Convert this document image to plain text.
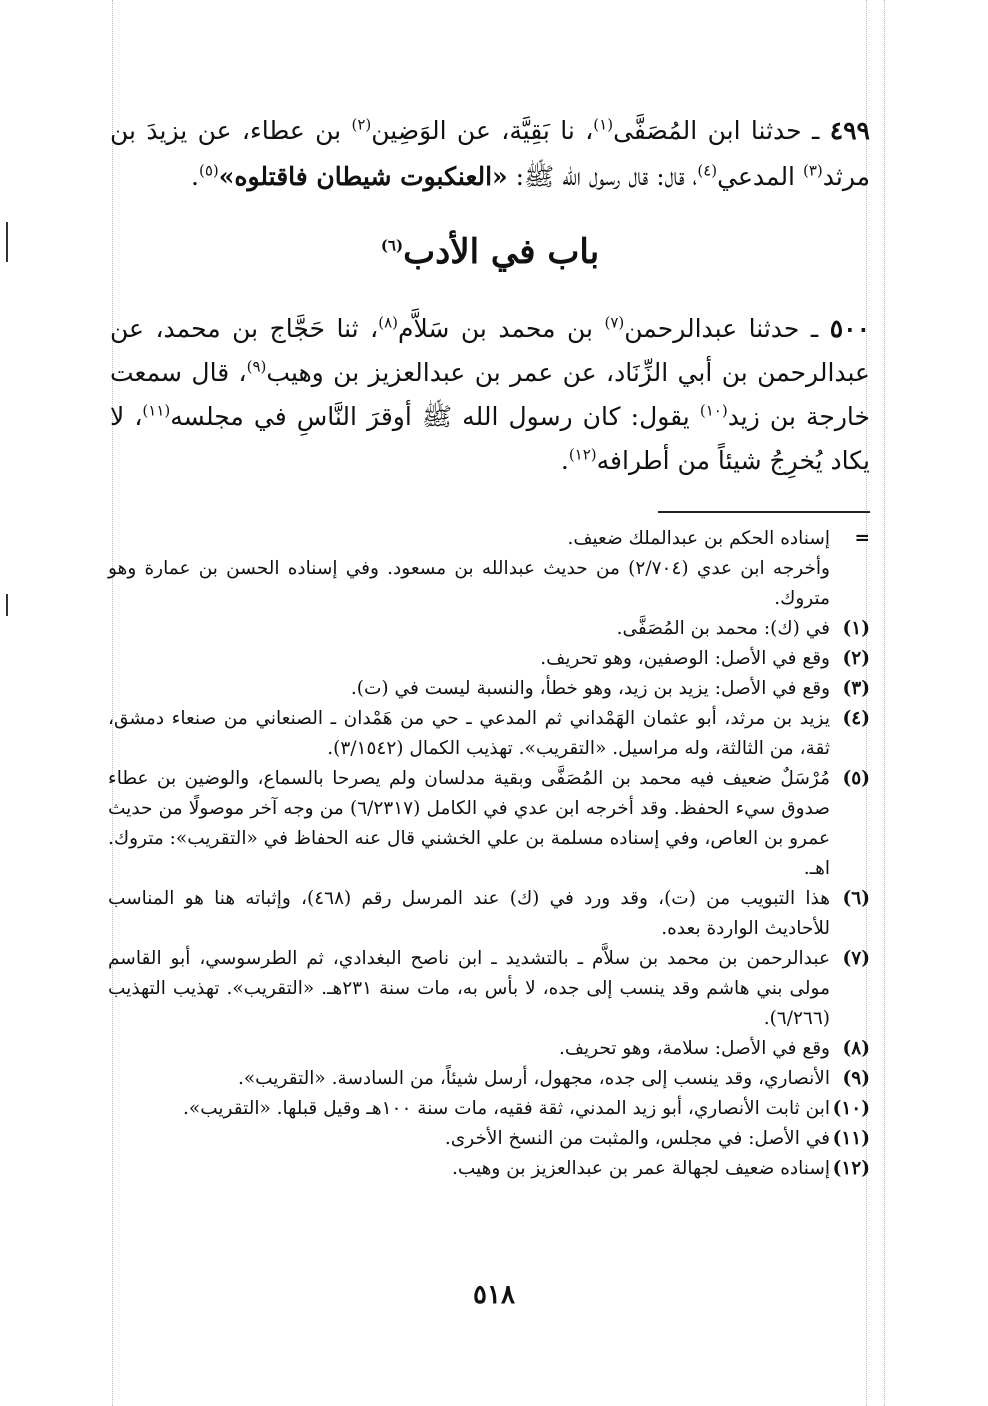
٤٩٩ ـ حدثنا ابن المُصَفَّى$^{(١)}$، نا بَقِيَّة، عن الوَضِين$^{(٢)}$ بن عطاء، عن يزيدَ بن مرثد$^{(٣)}$ المدعي$^{(٤)}$، قال: قال رسول الله ﷺ: «العنكبوت شيطان فاقتلوه»$^{(٥)}$.
باب في الأدب$^{(٦)}$
٥٠٠ ـ حدثنا عبدالرحمن$^{(٧)}$ بن محمد بن سَلاَّم$^{(٨)}$، ثنا حَجَّاج بن محمد، عن عبدالرحمن بن أبي الزِّنَاد، عن عمر بن عبدالعزيز بن وهيب$^{(٩)}$، قال سمعت خارجة بن زيد$^{(١٠)}$ يقول: كان رسول الله ﷺ أوقرَ النَّاسِ في مجلسه$^{(١١)}$، لا يكاد يُخرِجُ شيئاً من أطرافه$^{(١٢)}$.
=
إسناده الحكم بن عبدالملك ضعيف.
وأخرجه ابن عدي (٢/٧٠٤) من حديث عبدالله بن مسعود. وفي إسناده الحسن بن عمارة وهو متروك.
(١)
في (ك): محمد بن المُصَفَّى.
(٢)
وقع في الأصل: الوصفين، وهو تحريف.
(٣)
وقع في الأصل: يزيد بن زيد، وهو خطأ، والنسبة ليست في (ت).
(٤)
يزيد بن مرثد، أبو عثمان الهَمْداني ثم المدعي ـ حي من هَمْدان ـ الصنعاني من صنعاء دمشق، ثقة، من الثالثة، وله مراسيل. «التقريب». تهذيب الكمال (٣/١٥٤٢).
(٥)
مُرْسَلٌ ضعيف فيه محمد بن المُصَفَّى وبقية مدلسان ولم يصرحا بالسماع، والوضين بن عطاء صدوق سيء الحفظ. وقد أخرجه ابن عدي في الكامل (٦/٢٣١٧) من وجه آخر موصولًا من حديث عمرو بن العاص، وفي إسناده مسلمة بن علي الخشني قال عنه الحفاظ في «التقريب»: متروك. اهـ.
(٦)
هذا التبويب من (ت)، وقد ورد في (ك) عند المرسل رقم (٤٦٨)، وإثباته هنا هو المناسب للأحاديث الواردة بعده.
(٧)
عبدالرحمن بن محمد بن سلاَّم ـ بالتشديد ـ ابن ناصح البغدادي، ثم الطرسوسي، أبو القاسم مولى بني هاشم وقد ينسب إلى جده، لا بأس به، مات سنة ٢٣١هـ. «التقريب». تهذيب التهذيب (٦/٢٦٦).
(٨)
وقع في الأصل: سلامة، وهو تحريف.
(٩)
الأنصاري، وقد ينسب إلى جده، مجهول، أرسل شيئاً، من السادسة. «التقريب».
(١٠)
ابن ثابت الأنصاري، أبو زيد المدني، ثقة فقيه، مات سنة ١٠٠هـ وقيل قبلها. «التقريب».
(١١)
في الأصل: في مجلس، والمثبت من النسخ الأخرى.
(١٢)
إسناده ضعيف لجهالة عمر بن عبدالعزيز بن وهيب.
٥١٨
